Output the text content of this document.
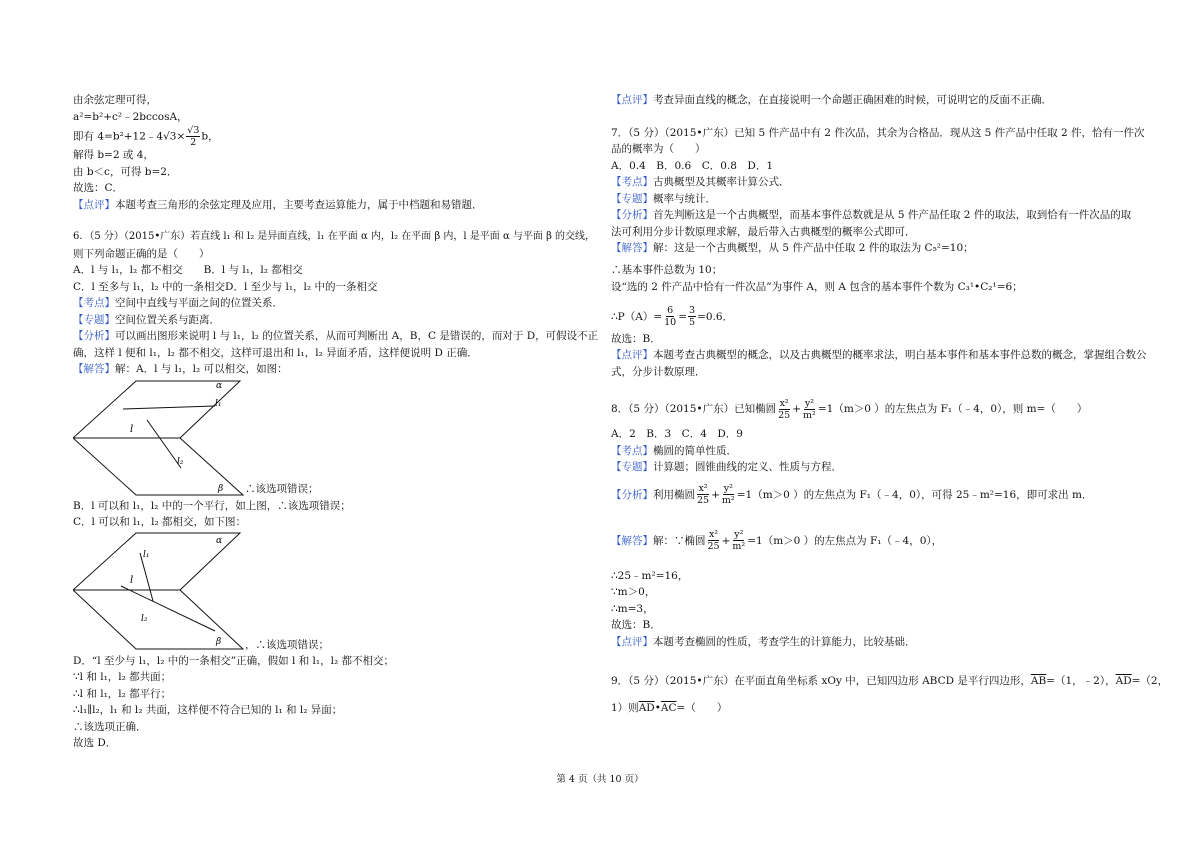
由余弦定理可得，
a²=b²+c²﹣2bccosA，
即有 4=b²+12﹣4√3× $\frac{√3}{2}$ b，
解得 b=2 或 4，
由 b＜c，可得 b=2．
故选：C．
【点评】本题考查三角形的余弦定理及应用，主要考查运算能力，属于中档题和易错题．
6．（5 分）（2015•广东）若直线 l₁ 和 l₂ 是异面直线，l₁ 在平面 α 内，l₂ 在平面 β 内，l 是平面 α 与平面 β 的交线，
则下列命题正确的是（　　）
A．l 与 l₁，l₂ 都不相交　　B．l 与 l₁，l₂ 都相交
C．l 至多与 l₁，l₂ 中的一条相交D．l 至少与 l₁，l₂ 中的一条相交
【考点】空间中直线与平面之间的位置关系．
【专题】空间位置关系与距离．
【分析】可以画出图形来说明 l 与 l₁，l₂ 的位置关系，从而可判断出 A，B，C 是错误的，而对于 D，可假设不正
确，这样 l 便和 l₁，l₂ 都不相交，这样可退出和 l₁，l₂ 异面矛盾，这样便说明 D 正确．
【解答】解：A．l 与 l₁，l₂ 可以相交，如图：
α
l₁
l
l₂
β ∴该选项错误；
B．l 可以和 l₁，l₂ 中的一个平行，如上图，∴该选项错误；
C．l 可以和 l₁，l₂ 都相交，如下图：
α
l₁
l
l₂
β ，∴该选项错误；
D．“l 至少与 l₁，l₂ 中的一条相交”正确，假如 l 和 l₁，l₂ 都不相交；
∵l 和 l₁，l₂ 都共面；
∴l 和 l₁，l₂ 都平行；
∴l₁∥l₂，l₁ 和 l₂ 共面，这样便不符合已知的 l₁ 和 l₂ 异面；
∴该选项正确．
故选 D．
【点评】考查异面直线的概念，在直接说明一个命题正确困难的时候，可说明它的反面不正确．
7．（5 分）（2015•广东）已知 5 件产品中有 2 件次品，其余为合格品．现从这 5 件产品中任取 2 件，恰有一件次
品的概率为（　　）
A．0.4　B．0.6　C．0.8　D．1
【考点】古典概型及其概率计算公式．
【专题】概率与统计．
【分析】首先判断这是一个古典概型，而基本事件总数就是从 5 件产品任取 2 件的取法，取到恰有一件次品的取
法可利用分步计数原理求解，最后带入古典概型的概率公式即可．
【解答】解：这是一个古典概型，从 5 件产品中任取 2 件的取法为 C₅²=10；
∴基本事件总数为 10；
设“选的 2 件产品中恰有一件次品”为事件 A，则 A 包含的基本事件个数为 C₃¹•C₂¹=6；
∴P（A）= $\frac{6}{10} = \frac{3}{5} =0.6$．
故选：B．
【点评】本题考查古典概型的概念，以及古典概型的概率求法，明白基本事件和基本事件总数的概念，掌握组合数公
式，分步计数原理．
8．（5 分）（2015•广东）已知椭圆 $\frac{\text{x²}}{25} + \frac{\text{y²}}{\text{m²}} =1(m>0$ ）的左焦点为 F₁（﹣4，0），则 m=（　　）
A．2　B．3　C．4　D．9
【考点】椭圆的简单性质．
【专题】计算题；圆锥曲线的定义、性质与方程．
【分析】利用椭圆 $\frac{\text{x²}}{25} + \frac{\text{y²}}{\text{m²}} =1(m>0$ ）的左焦点为 F₁（﹣4，0），可得 25﹣m²=16，即可求出 m．
【解答】解：∵椭圆 $\frac{\text{x²}}{25} + \frac{\text{y²}}{\text{m²}} =1(m>0$ ）的左焦点为 F₁（﹣4，0），
∴25﹣m²=16，
∵m＞0，
∴m=3，
故选：B．
【点评】本题考查椭圆的性质，考查学生的计算能力，比较基础．
9．（5 分）（2015•广东）在平面直角坐标系 xOy 中，已知四边形 ABCD 是平行四边形，$\overline{AB}=(1$，﹣2），$\overline{AD}=(2$，
1）则$\overline{AD}•\overline{AC}=$（　　）
第 4 页（共 10 页）
